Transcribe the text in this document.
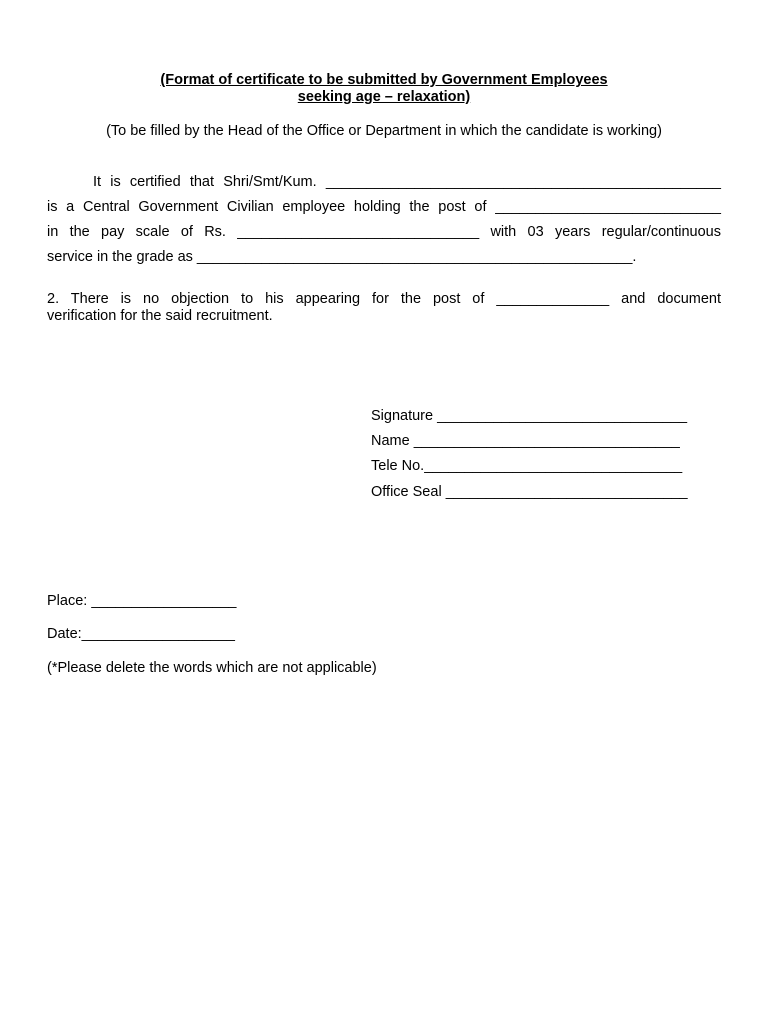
(Format of certificate to be submitted by Government Employees
seeking age – relaxation)
(To be filled by the Head of the Office or Department in which the candidate is working)
It is certified that Shri/Smt/Kum. _________________________________________________
is a Central Government Civilian employee holding the post of ____________________________
in the pay scale of Rs. ______________________________ with 03 years regular/continuous
service in the grade as ______________________________________________________.
2. There is no objection to his appearing for the post of ______________ and document
verification for the said recruitment.
Signature _______________________________
Name _________________________________
Tele No.________________________________
Office Seal ______________________________
Place: __________________
Date:___________________
(*Please delete the words which are not applicable)
